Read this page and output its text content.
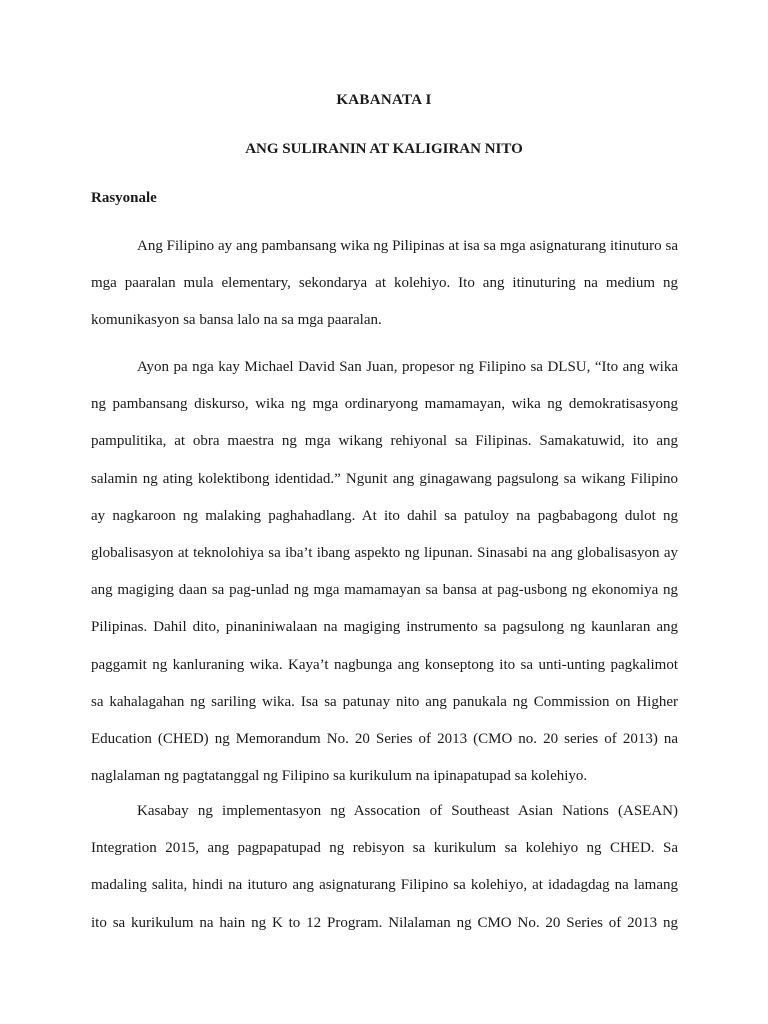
KABANATA I
ANG SULIRANIN AT KALIGIRAN NITO
Rasyonale
Ang Filipino ay ang pambansang wika ng Pilipinas at isa sa mga asignaturang itinuturo sa
mga paaralan mula elementary, sekondarya at kolehiyo. Ito ang itinuturing na medium ng
komunikasyon sa bansa lalo na sa mga paaralan.
Ayon pa nga kay Michael David San Juan, propesor ng Filipino sa DLSU, “Ito ang wika
ng pambansang diskurso, wika ng mga ordinaryong mamamayan, wika ng demokratisasyong
pampulitika, at obra maestra ng mga wikang rehiyonal sa Filipinas. Samakatuwid, ito ang
salamin ng ating kolektibong identidad.” Ngunit ang ginagawang pagsulong sa wikang Filipino
ay nagkaroon ng malaking paghahadlang. At ito dahil sa patuloy na pagbabagong dulot ng
globalisasyon at teknolohiya sa iba’t ibang aspekto ng lipunan. Sinasabi na ang globalisasyon ay
ang magiging daan sa pag-unlad ng mga mamamayan sa bansa at pag-usbong ng ekonomiya ng
Pilipinas. Dahil dito, pinaniniwalaan na magiging instrumento sa pagsulong ng kaunlaran ang
paggamit ng kanluraning wika. Kaya’t nagbunga ang konseptong ito sa unti-unting pagkalimot
sa kahalagahan ng sariling wika. Isa sa patunay nito ang panukala ng Commission on Higher
Education (CHED) ng Memorandum No. 20 Series of 2013 (CMO no. 20 series of 2013) na
naglalaman ng pagtatanggal ng Filipino sa kurikulum na ipinapatupad sa kolehiyo.
Kasabay ng implementasyon ng Assocation of Southeast Asian Nations (ASEAN)
Integration 2015, ang pagpapatupad ng rebisyon sa kurikulum sa kolehiyo ng CHED. Sa
madaling salita, hindi na ituturo ang asignaturang Filipino sa kolehiyo, at idadagdag na lamang
ito sa kurikulum na hain ng K to 12 Program. Nilalaman ng CMO No. 20 Series of 2013 ng
